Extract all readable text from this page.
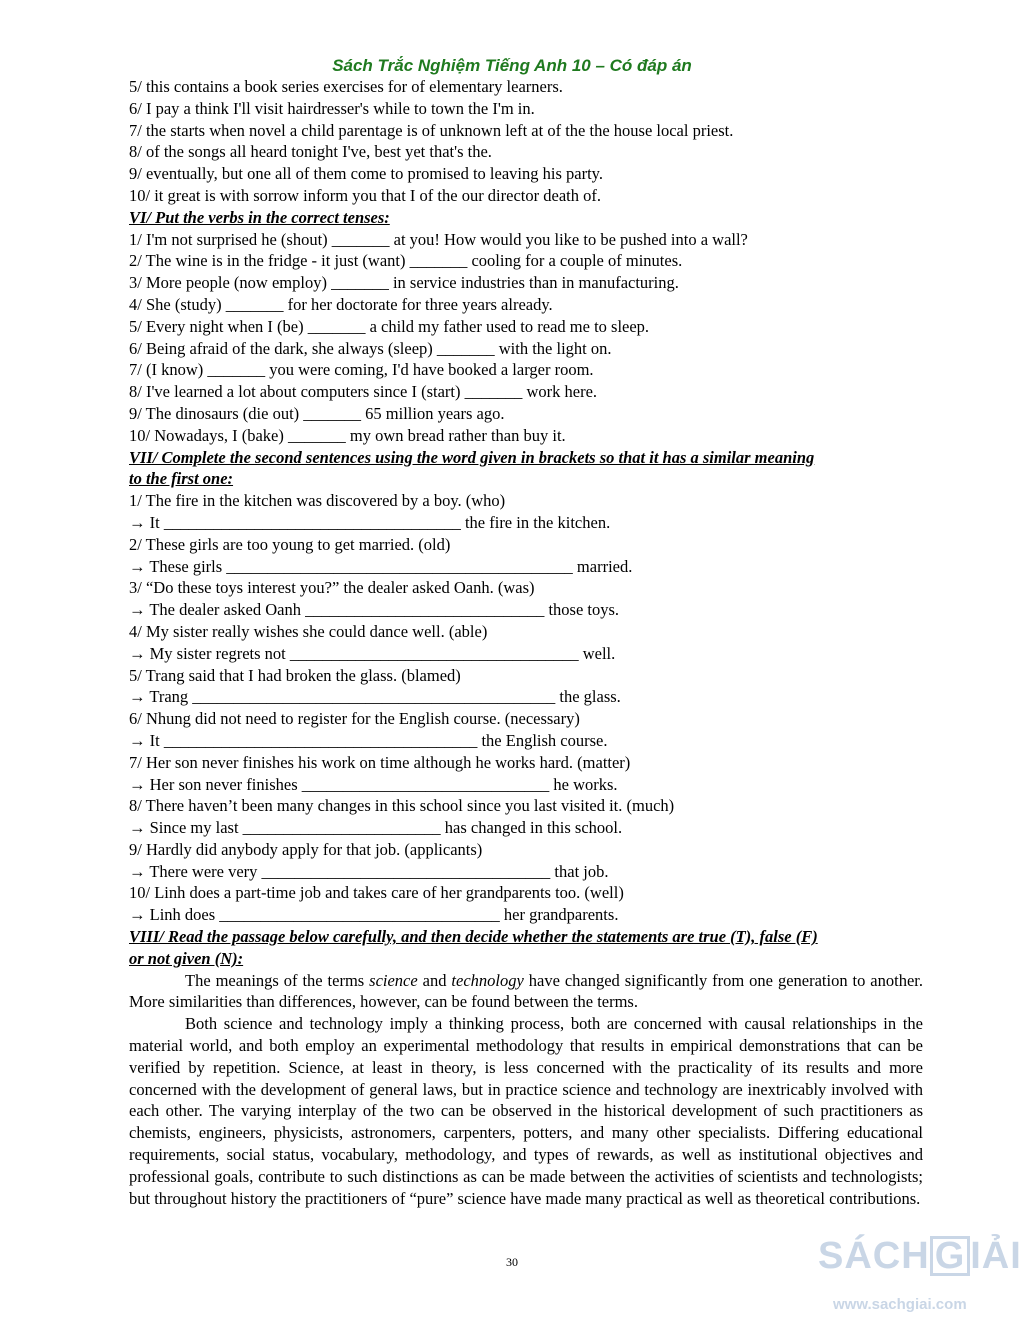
Sách Trắc Nghiệm Tiếng Anh 10 – Có đáp án
5/ this contains a book series exercises for of elementary learners.
6/ I pay a think I'll visit hairdresser's while to town the I'm in.
7/ the starts when novel a child parentage is of unknown left at of the the house local priest.
8/ of the songs all heard tonight I've, best yet that's the.
9/ eventually, but one all of them come to promised to leaving his party.
10/ it great is with sorrow inform you that I of the our director death of.
VI/ Put the verbs in the correct tenses:
1/ I'm not surprised he (shout) _______ at you! How would you like to be pushed into a wall?
2/ The wine is in the fridge - it just (want) _______ cooling for a couple of minutes.
3/ More people (now employ) _______ in service industries than in manufacturing.
4/ She (study) _______ for her doctorate for three years already.
5/ Every night when I (be) _______ a child my father used to read me to sleep.
6/ Being afraid of the dark, she always (sleep) _______ with the light on.
7/ (I know) _______ you were coming, I'd have booked a larger room.
8/ I've learned a lot about computers since I (start) _______ work here.
9/ The dinosaurs (die out) _______ 65 million years ago.
10/ Nowadays, I (bake) _______ my own bread rather than buy it.
VII/ Complete the second sentences using the word given in brackets so that it has a similar meaning
to the first one:
1/ The fire in the kitchen was discovered by a boy. (who)
→ It ____________________________________ the fire in the kitchen.
2/ These girls are too young to get married. (old)
→ These girls __________________________________________ married.
3/ “Do these toys interest you?” the dealer asked Oanh. (was)
→ The dealer asked Oanh _____________________________ those toys.
4/ My sister really wishes she could dance well. (able)
→ My sister regrets not ___________________________________ well.
5/ Trang said that I had broken the glass. (blamed)
→ Trang ____________________________________________ the glass.
6/ Nhung did not need to register for the English course. (necessary)
→ It ______________________________________ the English course.
7/ Her son never finishes his work on time although he works hard. (matter)
→ Her son never finishes ______________________________ he works.
8/ There haven’t been many changes in this school since you last visited it. (much)
→ Since my last ________________________ has changed in this school.
9/ Hardly did anybody apply for that job. (applicants)
→ There were very ___________________________________ that job.
10/ Linh does a part-time job and takes care of her grandparents too. (well)
→ Linh does __________________________________ her grandparents.
VIII/ Read the passage below carefully, and then decide whether the statements are true (T), false (F)
or not given (N):

The meanings of the terms science and technology have changed significantly from one generation to another. More similarities than differences, however, can be found between the terms.

Both science and technology imply a thinking process, both are concerned with causal relationships in the material world, and both employ an experimental methodology that results in empirical demonstrations that can be verified by repetition. Science, at least in theory, is less concerned with the practicality of its results and more concerned with the development of general laws, but in practice science and technology are inextricably involved with each other. The varying interplay of the two can be observed in the historical development of such practitioners as chemists, engineers, physicists, astronomers, carpenters, potters, and many other specialists. Differing educational requirements, social status, vocabulary, methodology, and types of rewards, as well as institutional objectives and professional goals, contribute to such distinctions as can be made between the activities of scientists and technologists; but throughout history the practitioners of “pure” science have made many practical as well as theoretical contributions.

30	SÁCH G IẢI
www.sachgiai.com
